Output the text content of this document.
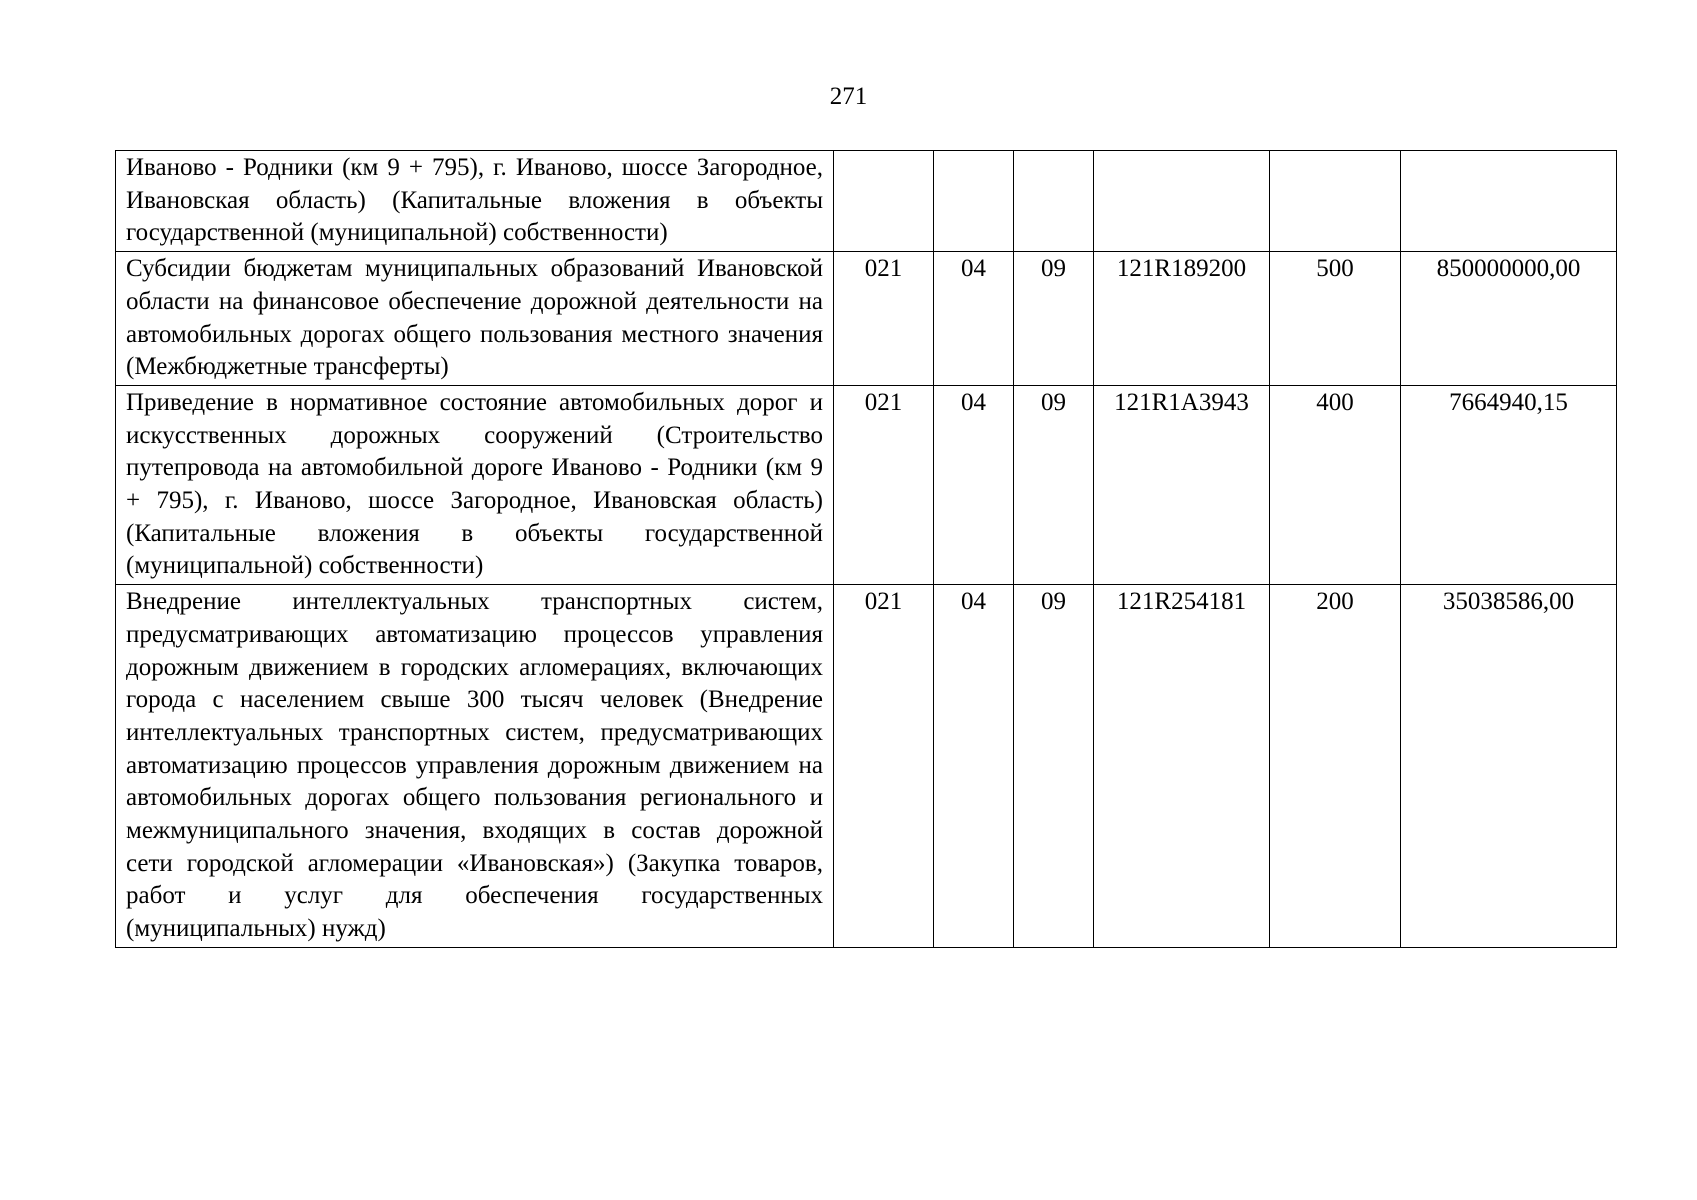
271
Иваново - Родники (км 9 + 795), г. Иваново, шоссе Загородное, Ивановская область) (Капитальные вложения в объекты государственной (муниципальной) собственности)						
Субсидии бюджетам муниципальных образований Ивановской области на финансовое обеспечение дорожной деятельности на автомобильных дорогах общего пользования местного значения (Межбюджетные трансферты)	021	04	09	121R189200	500	850000000,00
Приведение в нормативное состояние автомобильных дорог и искусственных дорожных сооружений (Строительство путепровода на автомобильной дороге Иваново - Родники (км 9 + 795), г. Иваново, шоссе Загородное, Ивановская область) (Капитальные вложения в объекты государственной (муниципальной) собственности)	021	04	09	121R1A3943	400	7664940,15
Внедрение интеллектуальных транспортных систем, предусматривающих автоматизацию процессов управления дорожным движением в городских агломерациях, включающих города с населением свыше 300 тысяч человек (Внедрение интеллектуальных транспортных систем, предусматривающих автоматизацию процессов управления дорожным движением на автомобильных дорогах общего пользования регионального и межмуниципального значения, входящих в состав дорожной сети городской агломерации «Ивановская») (Закупка товаров, работ и услуг для обеспечения государственных (муниципальных) нужд)	021	04	09	121R254181	200	35038586,00
